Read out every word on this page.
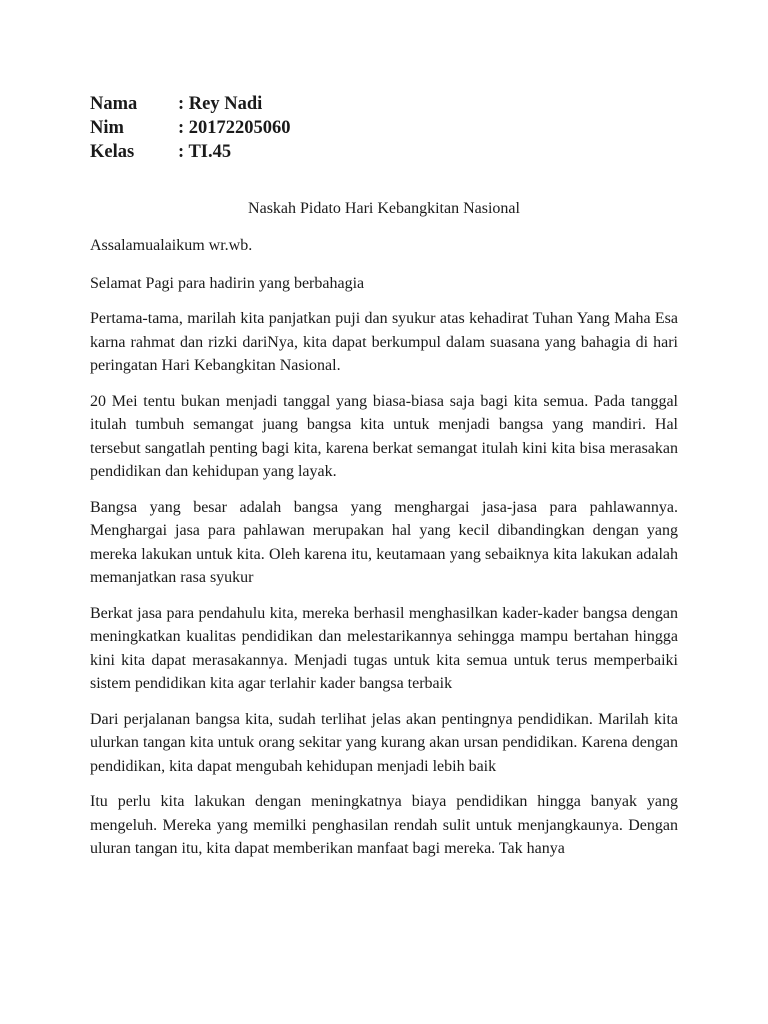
Nama	: Rey Nadi
Nim	: 20172205060
Kelas	: TI.45
Naskah Pidato Hari Kebangkitan Nasional

Assalamualaikum wr.wb.

Selamat Pagi para hadirin yang berbahagia

Pertama-tama, marilah kita panjatkan puji dan syukur atas kehadirat Tuhan Yang Maha Esa karna rahmat dan rizki dariNya, kita dapat berkumpul dalam suasana yang bahagia di hari peringatan Hari Kebangkitan Nasional.

20 Mei tentu bukan menjadi tanggal yang biasa-biasa saja bagi kita semua. Pada tanggal itulah tumbuh semangat juang bangsa kita untuk menjadi bangsa yang mandiri. Hal tersebut sangatlah penting bagi kita, karena berkat semangat itulah kini kita bisa merasakan pendidikan dan kehidupan yang layak.

Bangsa yang besar adalah bangsa yang menghargai jasa-jasa para pahlawannya. Menghargai jasa para pahlawan merupakan hal yang kecil dibandingkan dengan yang mereka lakukan untuk kita. Oleh karena itu, keutamaan yang sebaiknya kita lakukan adalah memanjatkan rasa syukur

Berkat jasa para pendahulu kita, mereka berhasil menghasilkan kader-kader bangsa dengan meningkatkan kualitas pendidikan dan melestarikannya sehingga mampu bertahan hingga kini kita dapat merasakannya. Menjadi tugas untuk kita semua untuk terus memperbaiki sistem pendidikan kita agar terlahir kader bangsa terbaik

Dari perjalanan bangsa kita, sudah terlihat jelas akan pentingnya pendidikan. Marilah kita ulurkan tangan kita untuk orang sekitar yang kurang akan ursan pendidikan. Karena dengan pendidikan, kita dapat mengubah kehidupan menjadi lebih baik

Itu perlu kita lakukan dengan meningkatnya biaya pendidikan hingga banyak yang mengeluh. Mereka yang memilki penghasilan rendah sulit untuk menjangkaunya. Dengan uluran tangan itu, kita dapat memberikan manfaat bagi mereka. Tak hanya
